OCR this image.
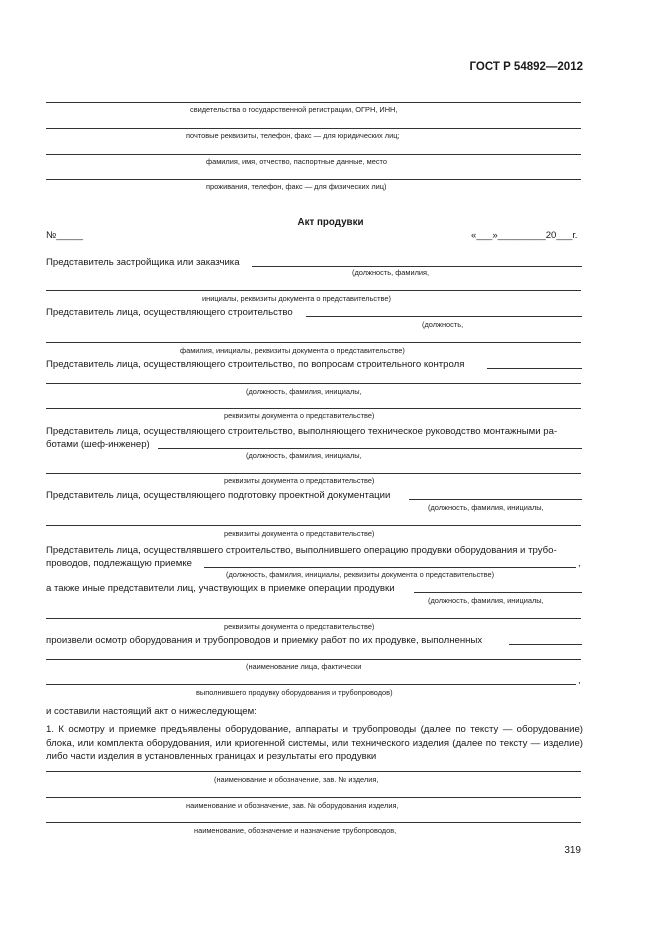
ГОСТ Р 54892—2012
свидетельства о государственной регистрации, ОГРН, ИНН,
почтовые реквизиты, телефон, факс — для юридических лиц;
фамилия, имя, отчество, паспортные данные, место
проживания, телефон, факс — для физических лиц)
Акт продувки
№_____	«___»_________20___г.
Представитель застройщика или заказчика
(должность, фамилия,
инициалы, реквизиты документа о представительстве)
Представитель лица, осуществляющего строительство
(должность,
фамилия, инициалы, реквизиты документа о представительстве)
Представитель лица, осуществляющего строительство, по вопросам строительного контроля
(должность, фамилия, инициалы,
реквизиты документа о представительстве)
Представитель лица, осуществляющего строительство, выполняющего техническое руководство монтажными ра-
ботами (шеф-инженер)
(должность, фамилия, инициалы,
реквизиты документа о представительстве)
Представитель лица, осуществляющего подготовку проектной документации
(должность, фамилия, инициалы,
реквизиты документа о представительстве)
Представитель лица, осуществлявшего строительство, выполнившего операцию продувки оборудования и трубо-
проводов, подлежащую приемке	,
(должность, фамилия, инициалы, реквизиты документа о представительстве)
а также иные представители лиц, участвующих в приемке операции продувки
(должность, фамилия, инициалы,
реквизиты документа о представительстве)
произвели осмотр оборудования и трубопроводов и приемку работ по их продувке, выполненных
(наименование лица, фактически
,
выполнившего продувку оборудования и трубопроводов)
и составили настоящий акт о нижеследующем:
1. К осмотру и приемке предъявлены оборудование, аппараты и трубопроводы (далее по тексту — оборудование) блока, или комплекта оборудования, или криогенной системы, или технического изделия (далее по тексту — изделие) либо части изделия в установленных границах и результаты его продувки
(наименование и обозначение, зав. № изделия,
наименование и обозначение, зав. № оборудования изделия,
наименование, обозначение и назначение трубопроводов,
319
